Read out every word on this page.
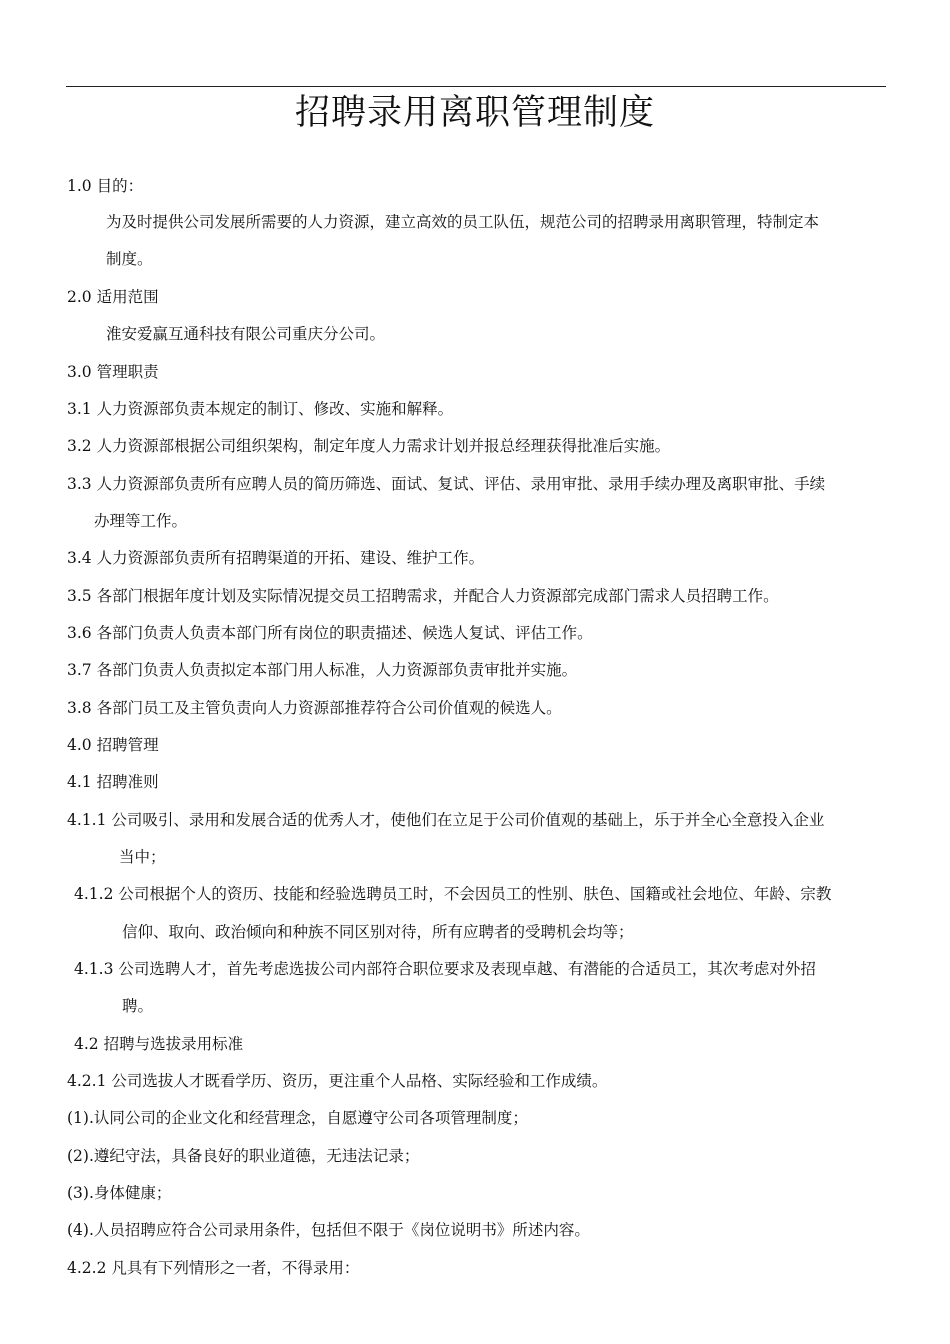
招聘录用离职管理制度
1.0 目的：
为及时提供公司发展所需要的人力资源，建立高效的员工队伍，规范公司的招聘录用离职管理，特制定本
制度。
2.0 适用范围
淮安爱赢互通科技有限公司重庆分公司。
3.0 管理职责
3.1 人力资源部负责本规定的制订、修改、实施和解释。
3.2 人力资源部根据公司组织架构，制定年度人力需求计划并报总经理获得批准后实施。
3.3 人力资源部负责所有应聘人员的简历筛选、面试、复试、评估、录用审批、录用手续办理及离职审批、手续
办理等工作。
3.4 人力资源部负责所有招聘渠道的开拓、建设、维护工作。
3.5 各部门根据年度计划及实际情况提交员工招聘需求，并配合人力资源部完成部门需求人员招聘工作。
3.6 各部门负责人负责本部门所有岗位的职责描述、候选人复试、评估工作。
3.7 各部门负责人负责拟定本部门用人标准，人力资源部负责审批并实施。
3.8 各部门员工及主管负责向人力资源部推荐符合公司价值观的候选人。
4.0 招聘管理
4.1 招聘准则
4.1.1 公司吸引、录用和发展合适的优秀人才，使他们在立足于公司价值观的基础上，乐于并全心全意投入企业
当中；
4.1.2 公司根据个人的资历、技能和经验选聘员工时，不会因员工的性别、肤色、国籍或社会地位、年龄、宗教
信仰、取向、政治倾向和种族不同区别对待，所有应聘者的受聘机会均等；
4.1.3 公司选聘人才，首先考虑选拔公司内部符合职位要求及表现卓越、有潜能的合适员工，其次考虑对外招
聘。
4.2 招聘与选拔录用标准
4.2.1 公司选拔人才既看学历、资历，更注重个人品格、实际经验和工作成绩。
(1).认同公司的企业文化和经营理念，自愿遵守公司各项管理制度；
(2).遵纪守法，具备良好的职业道德，无违法记录；
(3).身体健康；
(4).人员招聘应符合公司录用条件，包括但不限于《岗位说明书》所述内容。
4.2.2 凡具有下列情形之一者，不得录用：
